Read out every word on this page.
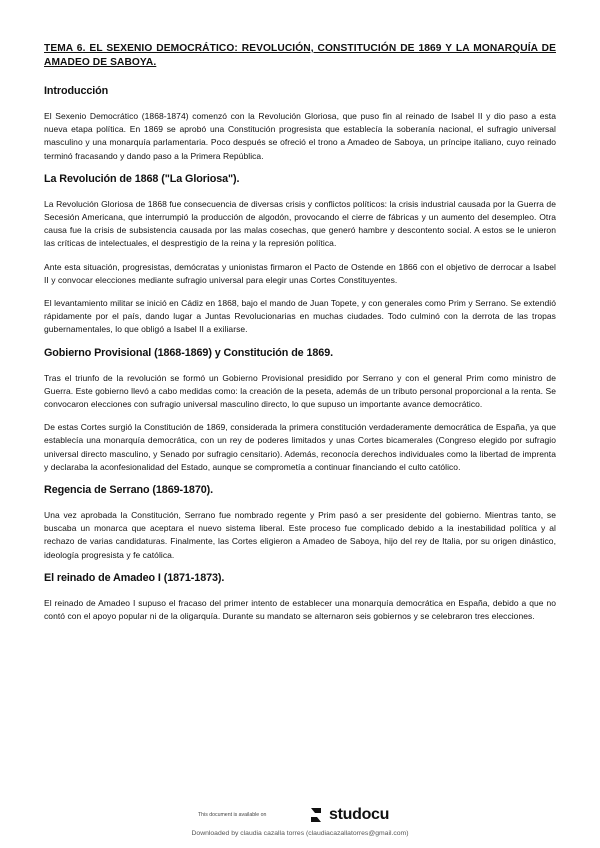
TEMA 6. EL SEXENIO DEMOCRÁTICO: REVOLUCIÓN, CONSTITUCIÓN DE 1869 Y LA MONARQUÍA DE AMADEO DE SABOYA.
Introducción

El Sexenio Democrático (1868-1874) comenzó con la Revolución Gloriosa, que puso fin al reinado de Isabel II y dio paso a esta nueva etapa política. En 1869 se aprobó una Constitución progresista que establecía la soberanía nacional, el sufragio universal masculino y una monarquía parlamentaria. Poco después se ofreció el trono a Amadeo de Saboya, un príncipe italiano, cuyo reinado terminó fracasando y dando paso a la Primera República.

La Revolución de 1868 ("La Gloriosa").

La Revolución Gloriosa de 1868 fue consecuencia de diversas crisis y conflictos políticos: la crisis industrial causada por la Guerra de Secesión Americana, que interrumpió la producción de algodón, provocando el cierre de fábricas y un aumento del desempleo. Otra causa fue la crisis de subsistencia causada por las malas cosechas, que generó hambre y descontento social. A estos se le unieron las críticas de intelectuales, el desprestigio de la reina y la represión política.

Ante esta situación, progresistas, demócratas y unionistas firmaron el Pacto de Ostende en 1866 con el objetivo de derrocar a Isabel II y convocar elecciones mediante sufragio universal para elegir unas Cortes Constituyentes.

El levantamiento militar se inició en Cádiz en 1868, bajo el mando de Juan Topete, y con generales como Prim y Serrano. Se extendió rápidamente por el país, dando lugar a Juntas Revolucionarias en muchas ciudades. Todo culminó con la derrota de las tropas gubernamentales, lo que obligó a Isabel II a exiliarse.

Gobierno Provisional (1868-1869) y Constitución de 1869.

Tras el triunfo de la revolución se formó un Gobierno Provisional presidido por Serrano y con el general Prim como ministro de Guerra. Este gobierno llevó a cabo medidas como: la creación de la peseta, además de un tributo personal proporcional a la renta. Se convocaron elecciones con sufragio universal masculino directo, lo que supuso un importante avance democrático.

De estas Cortes surgió la Constitución de 1869, considerada la primera constitución verdaderamente democrática de España, ya que establecía una monarquía democrática, con un rey de poderes limitados y unas Cortes bicamerales (Congreso elegido por sufragio universal directo masculino, y Senado por sufragio censitario). Además, reconocía derechos individuales como la libertad de imprenta y declaraba la aconfesionalidad del Estado, aunque se comprometía a continuar financiando el culto católico.

Regencia de Serrano (1869-1870).

Una vez aprobada la Constitución, Serrano fue nombrado regente y Prim pasó a ser presidente del gobierno. Mientras tanto, se buscaba un monarca que aceptara el nuevo sistema liberal. Este proceso fue complicado debido a la inestabilidad política y al rechazo de varias candidaturas. Finalmente, las Cortes eligieron a Amadeo de Saboya, hijo del rey de Italia, por su origen dinástico, ideología progresista y fe católica.

El reinado de Amadeo I (1871-1873).

El reinado de Amadeo I supuso el fracaso del primer intento de establecer una monarquía democrática en España, debido a que no contó con el apoyo popular ni de la oligarquía. Durante su mandato se alternaron seis gobiernos y se celebraron tres elecciones.

This document is available on	studocu
Downloaded by claudia cazalla torres (claudiacazallatorres@gmail.com)
